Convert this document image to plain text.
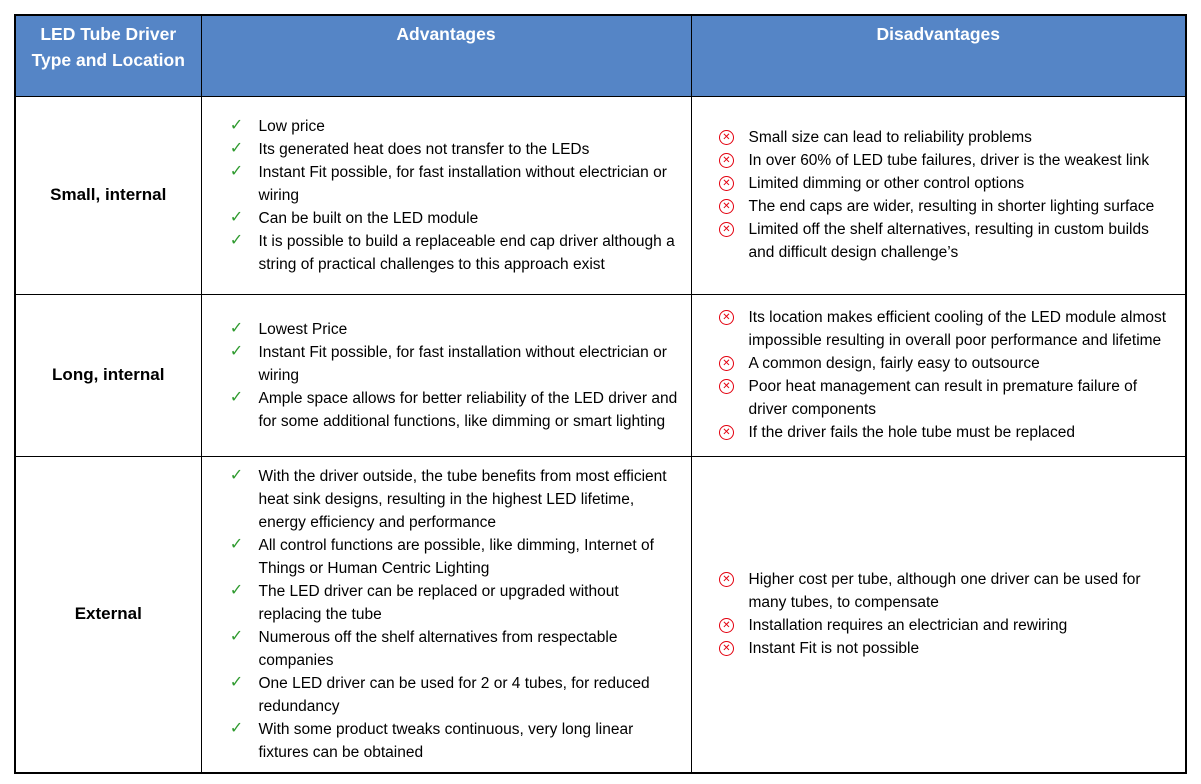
LED Tube Driver Type and Location	Advantages	Disadvantages
Small, internal	
✓ Low price
✓ Its generated heat does not transfer to the LEDs
✓ Instant Fit possible, for fast installation without electrician or wiring
✓ Can be built on the LED module
✓ It is possible to build a replaceable end cap driver although a string of practical challenges to this approach exist

✕ Small size can lead to reliability problems
✕ In over 60% of LED tube failures, driver is the weakest link
✕ Limited dimming or other control options
✕ The end caps are wider, resulting in shorter lighting surface
✕ Limited off the shelf alternatives, resulting in custom builds and difficult design challenge’s

Long, internal	
✓ Lowest Price
✓ Instant Fit possible, for fast installation without electrician or wiring
✓ Ample space allows for better reliability of the LED driver and for some additional functions, like dimming or smart lighting

✕ Its location makes efficient cooling of the LED module almost impossible resulting in overall poor performance and lifetime
✕ A common design, fairly easy to outsource
✕ Poor heat management can result in premature failure of driver components
✕ If the driver fails the hole tube must be replaced

External	
✓ With the driver outside, the tube benefits from most efficient heat sink designs, resulting in the highest LED lifetime, energy efficiency and performance
✓ All control functions are possible, like dimming, Internet of Things or Human Centric Lighting
✓ The LED driver can be replaced or upgraded without replacing the tube
✓ Numerous off the shelf alternatives from respectable companies
✓ One LED driver can be used for 2 or 4 tubes, for reduced redundancy
✓ With some product tweaks continuous, very long linear fixtures can be obtained

✕ Higher cost per tube, although one driver can be used for many tubes, to compensate
✕ Installation requires an electrician and rewiring
✕ Instant Fit is not possible
